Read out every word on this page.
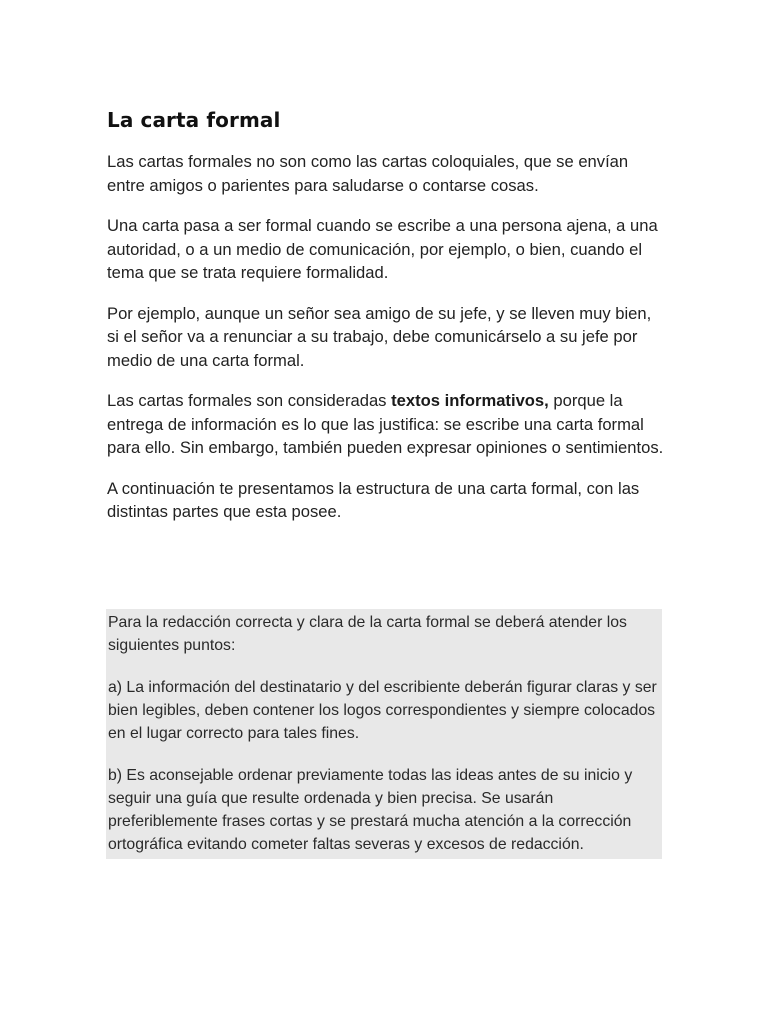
La carta formal

Las cartas formales no son como las cartas coloquiales, que se envían entre amigos o parientes para saludarse o contarse cosas.

Una carta pasa a ser formal cuando se escribe a una persona ajena, a una autoridad, o a un medio de comunicación, por ejemplo, o bien, cuando el tema que se trata requiere formalidad.

Por ejemplo, aunque un señor sea amigo de su jefe, y se lleven muy bien, si el señor va a renunciar a su trabajo, debe comunicárselo a su jefe por medio de una carta formal.

Las cartas formales son consideradas textos informativos, porque la entrega de información es lo que las justifica: se escribe una carta formal para ello. Sin embargo, también pueden expresar opiniones o sentimientos.

A continuación te presentamos la estructura de una carta formal, con las distintas partes que esta posee.

Para la redacción correcta y clara de la carta formal se deberá atender los siguientes puntos:

a) La información del destinatario y del escribiente deberán figurar claras y ser bien legibles, deben contener los logos correspondientes y siempre colocados en el lugar correcto para tales fines.

b) Es aconsejable ordenar previamente todas las ideas antes de su inicio y seguir una guía que resulte ordenada y bien precisa. Se usarán preferiblemente frases cortas y se prestará mucha atención a la corrección ortográfica evitando cometer faltas severas y excesos de redacción.
